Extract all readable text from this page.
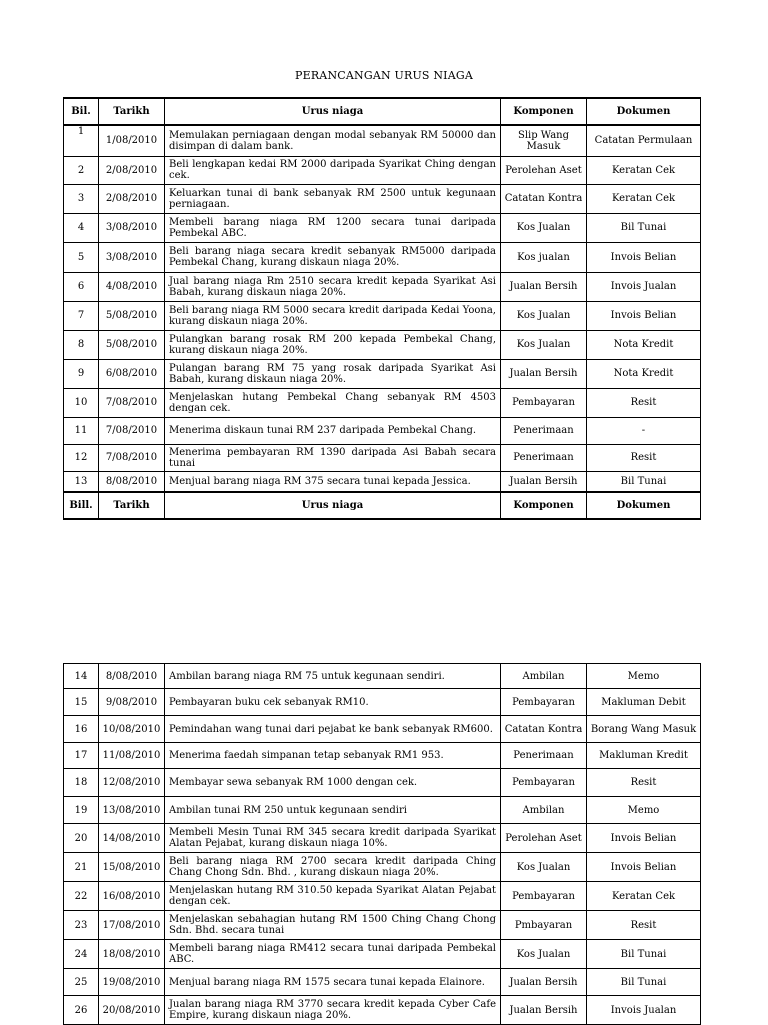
PERANCANGAN URUS NIAGA
Bil.	Tarikh	Urus niaga	Komponen	Dokumen
1	1/08/2010	Memulakan perniagaan dengan modal sebanyak RM 50000 dan disimpan di dalam bank.	Slip Wang Masuk	Catatan Permulaan
2	2/08/2010	Beli lengkapan kedai RM 2000 daripada Syarikat Ching dengan cek.	Perolehan Aset	Keratan Cek
3	2/08/2010	Keluarkan tunai di bank sebanyak RM 2500 untuk kegunaan perniagaan.	Catatan Kontra	Keratan Cek
4	3/08/2010	Membeli barang niaga RM 1200 secara tunai daripada Pembekal ABC.	Kos Jualan	Bil Tunai
5	3/08/2010	Beli barang niaga secara kredit sebanyak RM5000 daripada Pembekal Chang, kurang diskaun niaga 20%.	Kos jualan	Invois Belian
6	4/08/2010	Jual barang niaga Rm 2510 secara kredit kepada Syarikat Asi Babah, kurang diskaun niaga 20%.	Jualan Bersih	Invois Jualan
7	5/08/2010	Beli barang niaga RM 5000 secara kredit daripada Kedai Yoona, kurang diskaun niaga 20%.	Kos Jualan	Invois Belian
8	5/08/2010	Pulangkan barang rosak RM 200 kepada Pembekal Chang, kurang diskaun niaga 20%.	Kos Jualan	Nota Kredit
9	6/08/2010	Pulangan barang RM 75 yang rosak daripada Syarikat Asi Babah, kurang diskaun niaga 20%.	Jualan Bersih	Nota Kredit
10	7/08/2010	Menjelaskan hutang Pembekal Chang sebanyak RM 4503 dengan cek.	Pembayaran	Resit
11	7/08/2010	Menerima diskaun tunai RM 237 daripada Pembekal Chang.	Penerimaan	-
12	7/08/2010	Menerima pembayaran RM 1390 daripada Asi Babah secara tunai	Penerimaan	Resit
13	8/08/2010	Menjual barang niaga RM 375 secara tunai kepada Jessica.	Jualan Bersih	Bil Tunai
Bill.	Tarikh	Urus niaga	Komponen	Dokumen
14	8/08/2010	Ambilan barang niaga RM 75 untuk kegunaan sendiri.	Ambilan	Memo
15	9/08/2010	Pembayaran buku cek sebanyak RM10.	Pembayaran	Makluman Debit
16	10/08/2010	Pemindahan wang tunai dari pejabat ke bank sebanyak RM600.	Catatan Kontra	Borang Wang Masuk
17	11/08/2010	Menerima faedah simpanan tetap sebanyak RM1 953.	Penerimaan	Makluman Kredit
18	12/08/2010	Membayar sewa sebanyak RM 1000 dengan cek.	Pembayaran	Resit
19	13/08/2010	Ambilan tunai RM 250 untuk kegunaan sendiri	Ambilan	Memo
20	14/08/2010	Membeli Mesin Tunai RM 345 secara kredit daripada Syarikat Alatan Pejabat, kurang diskaun niaga 10%.	Perolehan Aset	Invois Belian
21	15/08/2010	Beli barang niaga RM 2700 secara kredit daripada Ching Chang Chong Sdn. Bhd. , kurang diskaun niaga 20%.	Kos Jualan	Invois Belian
22	16/08/2010	Menjelaskan hutang RM 310.50 kepada Syarikat Alatan Pejabat dengan cek.	Pembayaran	Keratan Cek
23	17/08/2010	Menjelaskan sebahagian hutang RM 1500 Ching Chang Chong Sdn. Bhd. secara tunai	Pmbayaran	Resit
24	18/08/2010	Membeli barang niaga RM412 secara tunai daripada Pembekal ABC.	Kos Jualan	Bil Tunai
25	19/08/2010	Menjual barang niaga RM 1575 secara tunai kepada Elainore.	Jualan Bersih	Bil Tunai
26	20/08/2010	Jualan barang niaga RM 3770 secara kredit kepada Cyber Cafe Empire, kurang diskaun niaga 20%.	Jualan Bersih	Invois Jualan
